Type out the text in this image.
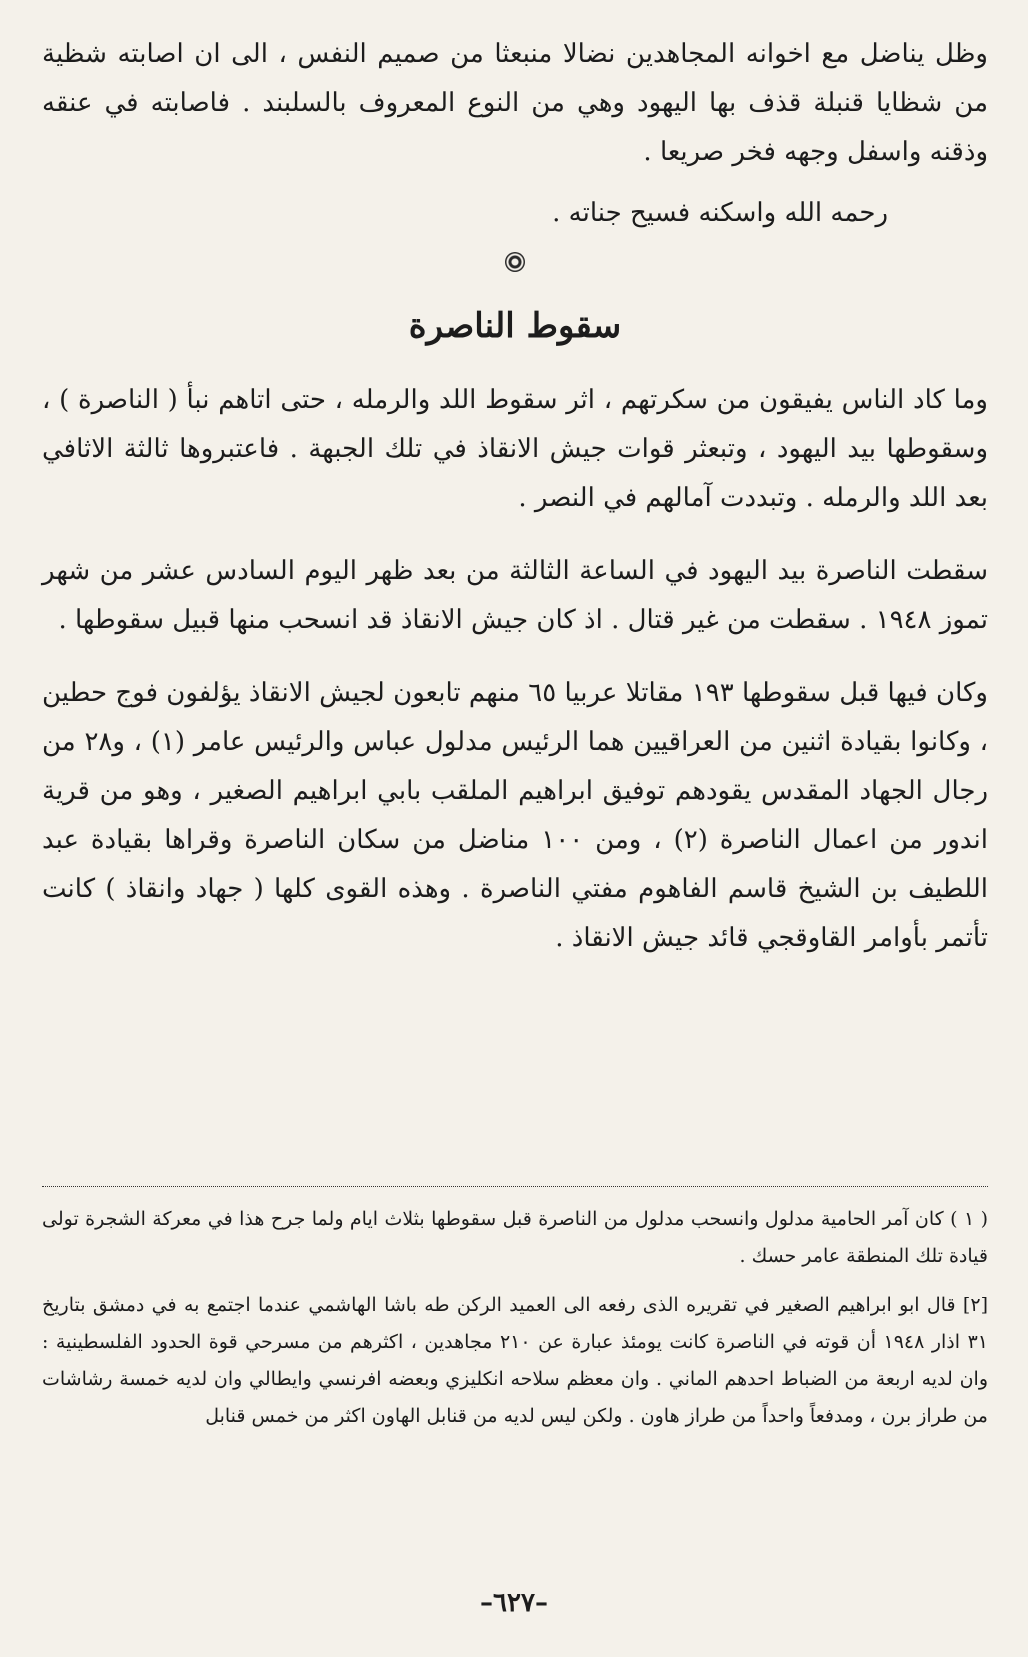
وظل يناضل مع اخوانه المجاهدين نضالا منبعثا من صميم النفس ، الى ان اصابته شظية من شظايا قنبلة قذف بها اليهود وهي من النوع المعروف بالسلبند . فاصابته في عنقه وذقنه واسفل وجهه فخر صريعا .

رحمه الله واسكنه فسيح جناته .

سقوط الناصرة

وما كاد الناس يفيقون من سكرتهم ، اثر سقوط اللد والرمله ، حتى اتاهم نبأ ( الناصرة ) ، وسقوطها بيد اليهود ، وتبعثر قوات جيش الانقاذ في تلك الجبهة . فاعتبروها ثالثة الاثافي بعد اللد والرمله . وتبددت آمالهم في النصر .

سقطت الناصرة بيد اليهود في الساعة الثالثة من بعد ظهر اليوم السادس عشر من شهر تموز ١٩٤٨ . سقطت من غير قتال . اذ كان جيش الانقاذ قد انسحب منها قبيل سقوطها .

وكان فيها قبل سقوطها ١٩٣ مقاتلا عربيا ٦٥ منهم تابعون لجيش الانقاذ يؤلفون فوج حطين ، وكانوا بقيادة اثنين من العراقيين هما الرئيس مدلول عباس والرئيس عامر (١) ، و٢٨ من رجال الجهاد المقدس يقودهم توفيق ابراهيم الملقب بابي ابراهيم الصغير ، وهو من قرية اندور من اعمال الناصرة (٢) ، ومن ١٠٠ مناضل من سكان الناصرة وقراها بقيادة عبد اللطيف بن الشيخ قاسم الفاهوم مفتي الناصرة . وهذه القوى كلها ( جهاد وانقاذ ) كانت تأتمر بأوامر القاوقجي قائد جيش الانقاذ .

( ١ ) كان آمر الحامية مدلول وانسحب مدلول من الناصرة قبل سقوطها بثلاث ايام ولما جرح هذا في معركة الشجرة تولى قيادة تلك المنطقة عامر حسك .

[٢] قال ابو ابراهيم الصغير في تقريره الذى رفعه الى العميد الركن طه باشا الهاشمي عندما اجتمع به في دمشق بتاريخ ٣١ اذار ١٩٤٨ أن قوته في الناصرة كانت يومئذ عبارة عن ٢١٠ مجاهدين ، اكثرهم من مسرحي قوة الحدود الفلسطينية : وان لديه اربعة من الضباط احدهم الماني . وان معظم سلاحه انكليزي وبعضه افرنسي وايطالي وان لديه خمسة رشاشات من طراز برن ، ومدفعاً واحداً من طراز هاون . ولكن ليس لديه من قنابل الهاون اكثر من خمس قنابل

–٦٢٧–
